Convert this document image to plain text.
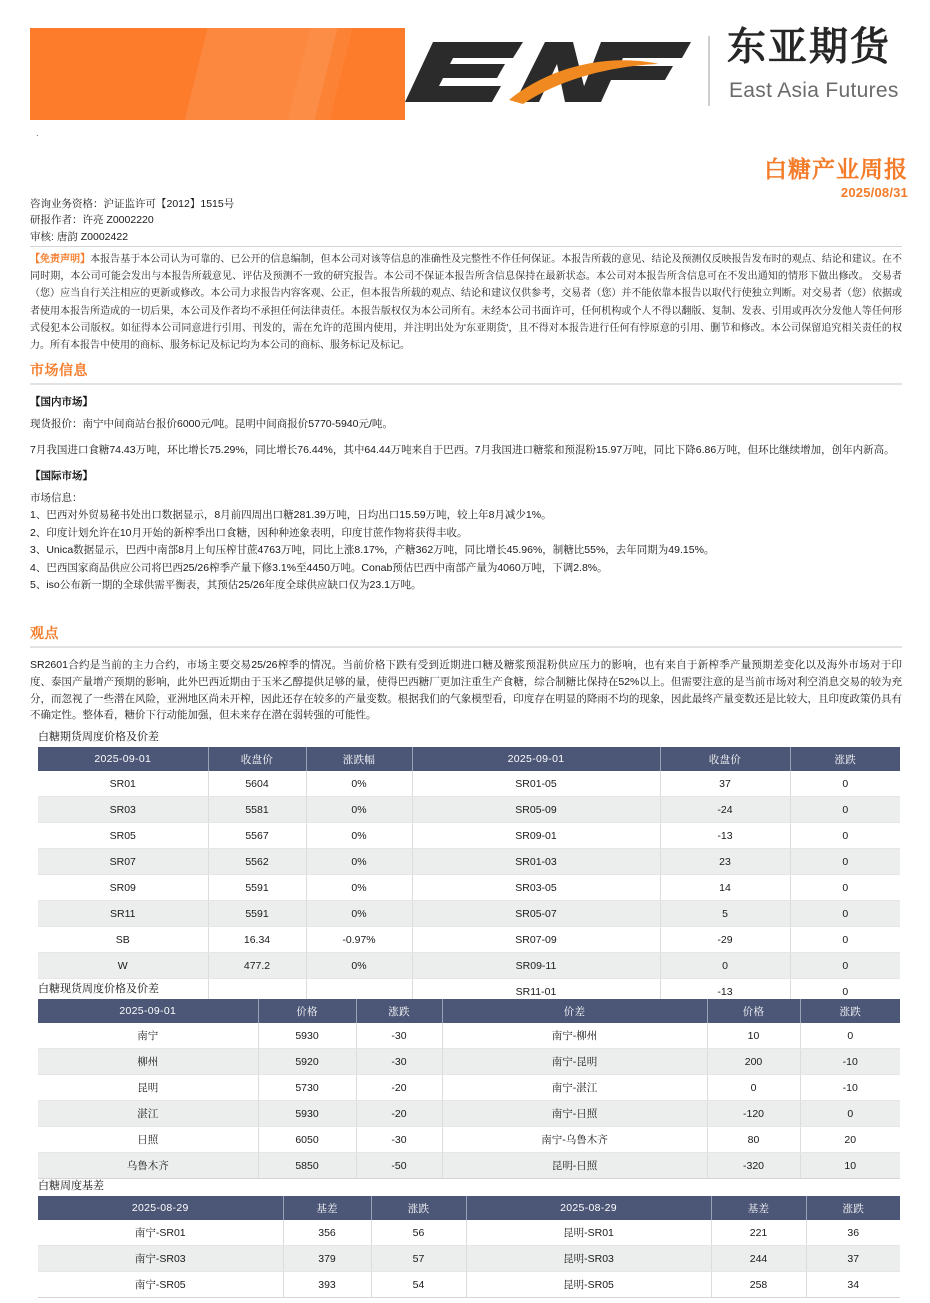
东亚期货
East Asia Futures
.
白糖产业周报
2025/08/31
咨询业务资格：沪证监许可【2012】1515号
研报作者：许亮 Z0002220
审核: 唐韵 Z0002422
【免责声明】本报告基于本公司认为可靠的、已公开的信息编制，但本公司对该等信息的准确性及完整性不作任何保证。本报告所载的意见、结论及预测仅反映报告发布时的观点、结论和建议。在不同时期，本公司可能会发出与本报告所载意见、评估及预测不一致的研究报告。本公司不保证本报告所含信息保持在最新状态。本公司对本报告所含信息可在不发出通知的情形下做出修改。 交易者（您）应当自行关注相应的更新或修改。本公司力求报告内容客观、公正，但本报告所载的观点、结论和建议仅供参考，交易者（您）并不能依靠本报告以取代行使独立判断。对交易者（您）依据或者使用本报告所造成的一切后果，本公司及作者均不承担任何法律责任。本报告版权仅为本公司所有。未经本公司书面许可，任何机构或个人不得以翻版、复制、发表、引用或再次分发他人等任何形式侵犯本公司版权。如征得本公司同意进行引用、刊发的，需在允许的范围内使用，并注明出处为'东亚期货'，且不得对本报告进行任何有悖原意的引用、删节和修改。本公司保留追究相关责任的权力。所有本报告中使用的商标、服务标记及标记均为本公司的商标、服务标记及标记。
市场信息
【国内市场】

现货报价：南宁中间商站台报价6000元/吨。昆明中间商报价5770-5940元/吨。

7月我国进口食糖74.43万吨，环比增长75.29%，同比增长76.44%，其中64.44万吨来自于巴西。7月我国进口糖浆和预混粉15.97万吨，同比下降6.86万吨，但环比继续增加，创年内新高。

【国际市场】

市场信息：

1、巴西对外贸易秘书处出口数据显示，8月前四周出口糖281.39万吨，日均出口15.59万吨，较上年8月减少1%。

2、印度计划允许在10月开始的新榨季出口食糖，因种种迹象表明，印度甘蔗作物将获得丰收。

3、Unica数据显示，巴西中南部8月上旬压榨甘蔗4763万吨，同比上涨8.17%，产糖362万吨，同比增长45.96%，制糖比55%，去年同期为49.15%。

4、巴西国家商品供应公司将巴西25/26榨季产量下修3.1%至4450万吨。Conab预估巴西中南部产量为4060万吨，下调2.8%。

5、iso公布新一期的全球供需平衡表，其预估25/26年度全球供应缺口仅为23.1万吨。

观点

SR2601合约是当前的主力合约，市场主要交易25/26榨季的情况。当前价格下跌有受到近期进口糖及糖浆预混粉供应压力的影响，也有来自于新榨季产量预期差变化以及海外市场对于印度、泰国产量增产预期的影响，此外巴西近期由于玉米乙醇提供足够的量，使得巴西糖厂更加注重生产食糖，综合制糖比保持在52%以上。但需要注意的是当前市场对利空消息交易的较为充分，而忽视了一些潜在风险，亚洲地区尚未开榨，因此还存在较多的产量变数。根据我们的气象模型看，印度存在明显的降雨不均的现象，因此最终产量变数还是比较大，且印度政策仍具有不确定性。整体看，糖价下行动能加强，但未来存在潜在弱转强的可能性。

白糖期货周度价格及价差
2025-09-01	收盘价	涨跌幅	2025-09-01	收盘价	涨跌
SR01	5604	0%	SR01-05	37	0
SR03	5581	0%	SR05-09	-24	0
SR05	5567	0%	SR09-01	-13	0
SR07	5562	0%	SR01-03	23	0
SR09	5591	0%	SR03-05	14	0
SR11	5591	0%	SR05-07	5	0
SB	16.34	-0.97%	SR07-09	-29	0
W	477.2	0%	SR09-11	0	0
			SR11-01	-13	0
白糖现货周度价格及价差
2025-09-01	价格	涨跌	价差	价格	涨跌
南宁	5930	-30	南宁-柳州	10	0
柳州	5920	-30	南宁-昆明	200	-10
昆明	5730	-20	南宁-湛江	0	-10
湛江	5930	-20	南宁-日照	-120	0
日照	6050	-30	南宁-乌鲁木齐	80	20
乌鲁木齐	5850	-50	昆明-日照	-320	10
白糖周度基差
2025-08-29	基差	涨跌	2025-08-29	基差	涨跌
南宁-SR01	356	56	昆明-SR01	221	36
南宁-SR03	379	57	昆明-SR03	244	37
南宁-SR05	393	54	昆明-SR05	258	34
